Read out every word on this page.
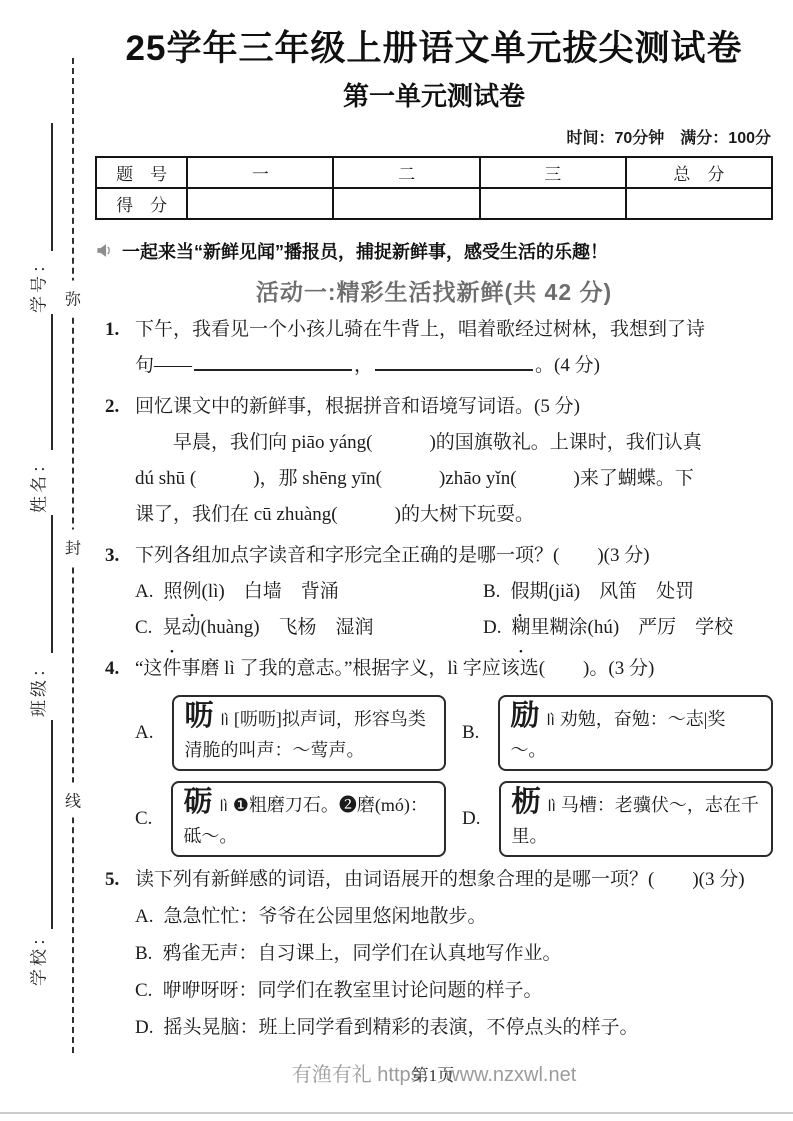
学号：
姓名：
班级：
学校：
弥
封
线
25学年三年级上册语文单元拔尖测试卷
第一单元测试卷
时间：70分钟　满分：100分
题　号	一	二	三	总　分
得　分				
一起来当“新鲜见闻”播报员，捕捉新鲜事，感受生活的乐趣！
活动一:精彩生活找新鲜(共 42 分)
1. 下午，我看见一个小孩儿骑在牛背上，唱着歌经过树林，我想到了诗
句——	，	。(4 分)
2. 回忆课文中的新鲜事，根据拼音和语境写词语。(5 分)
早晨，我们向 piāo yáng(            )的国旗敬礼。上课时，我们认真
dú shū (            )，那 shēng yīn(            )zhāo yǐn(            )来了蝴蝶。下
课了，我们在 cū zhuàng(            )的大树下玩耍。
3. 下列各组加点字读音和字形完全正确的是哪一项？(　　)(3 分)
A. 照例(lì)　白墙　背涌	B. 假期(jiǎ)　风笛　处罚
C. 晃动(huàng)　飞杨　湿润	D. 糊里糊涂(hú)　严厉　学校
4. “这件事磨 lì 了我的意志。”根据字义，lì 字应该选(　　)。(3 分)
A.
呖lì [呖呖]拟声词，形容鸟类清脆的叫声：～莺声。
B.
励lì 劝勉，奋勉：～志|奖～。
C.
砺lì ❶粗磨刀石。❷磨(mó)：砥～。
D.
枥lì 马槽：老骥伏～，志在千里。
5. 读下列有新鲜感的词语，由词语展开的想象合理的是哪一项？(　　)(3 分)
A. 急急忙忙：爷爷在公园里悠闲地散步。
B. 鸦雀无声：自习课上，同学们在认真地写作业。
C. 咿咿呀呀：同学们在教室里讨论问题的样子。
D. 摇头晃脑：班上同学看到精彩的表演，不停点头的样子。
有渔有礼 https第1页www.nzxwl.net
